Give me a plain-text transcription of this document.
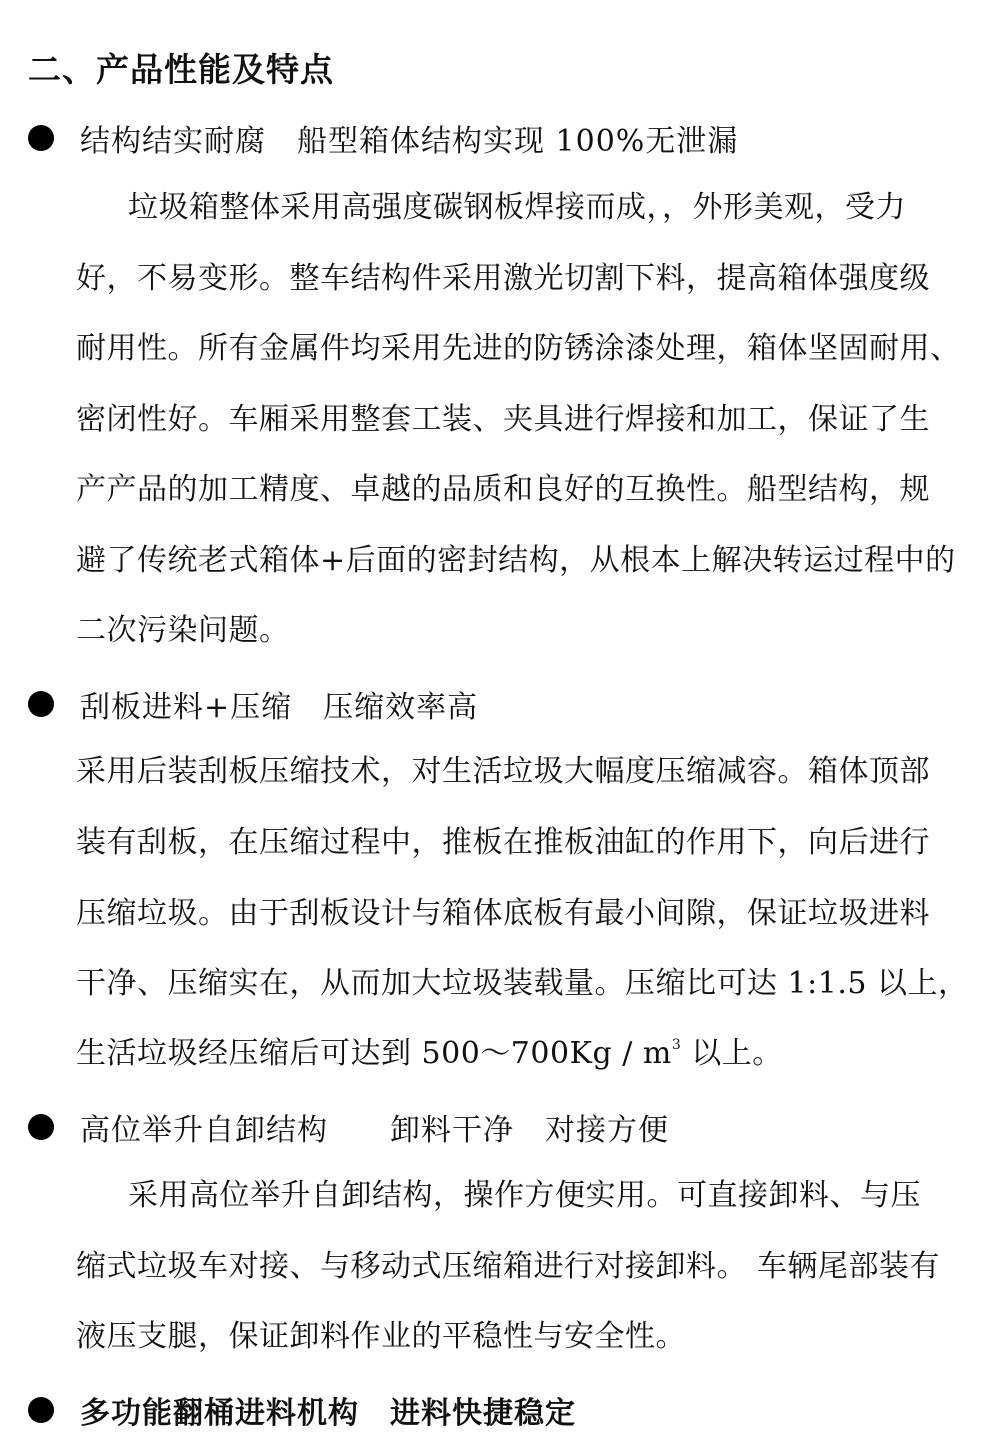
二、产品性能及特点
结构结实耐腐　船型箱体结构实现 100%无泄漏
垃圾箱整体采用高强度碳钢板焊接而成，，外形美观，受力
好，不易变形。整车结构件采用激光切割下料，提高箱体强度级
耐用性。所有金属件均采用先进的防锈涂漆处理，箱体坚固耐用、
密闭性好。车厢采用整套工装、夹具进行焊接和加工，保证了生
产产品的加工精度、卓越的品质和良好的互换性。船型结构，规
避了传统老式箱体+后面的密封结构，从根本上解决转运过程中的
二次污染问题。
刮板进料+压缩　压缩效率高
采用后装刮板压缩技术，对生活垃圾大幅度压缩减容。箱体顶部
装有刮板，在压缩过程中，推板在推板油缸的作用下，向后进行
压缩垃圾。由于刮板设计与箱体底板有最小间隙，保证垃圾进料
干净、压缩实在，从而加大垃圾装载量。压缩比可达 1:1.5 以上，
生活垃圾经压缩后可达到 500～700Kg / $m^3$ 以上。
高位举升自卸结构　　卸料干净　对接方便
采用高位举升自卸结构，操作方便实用。可直接卸料、与压
缩式垃圾车对接、与移动式压缩箱进行对接卸料。 车辆尾部装有
液压支腿，保证卸料作业的平稳性与安全性。
多功能翻桶进料机构　进料快捷稳定
